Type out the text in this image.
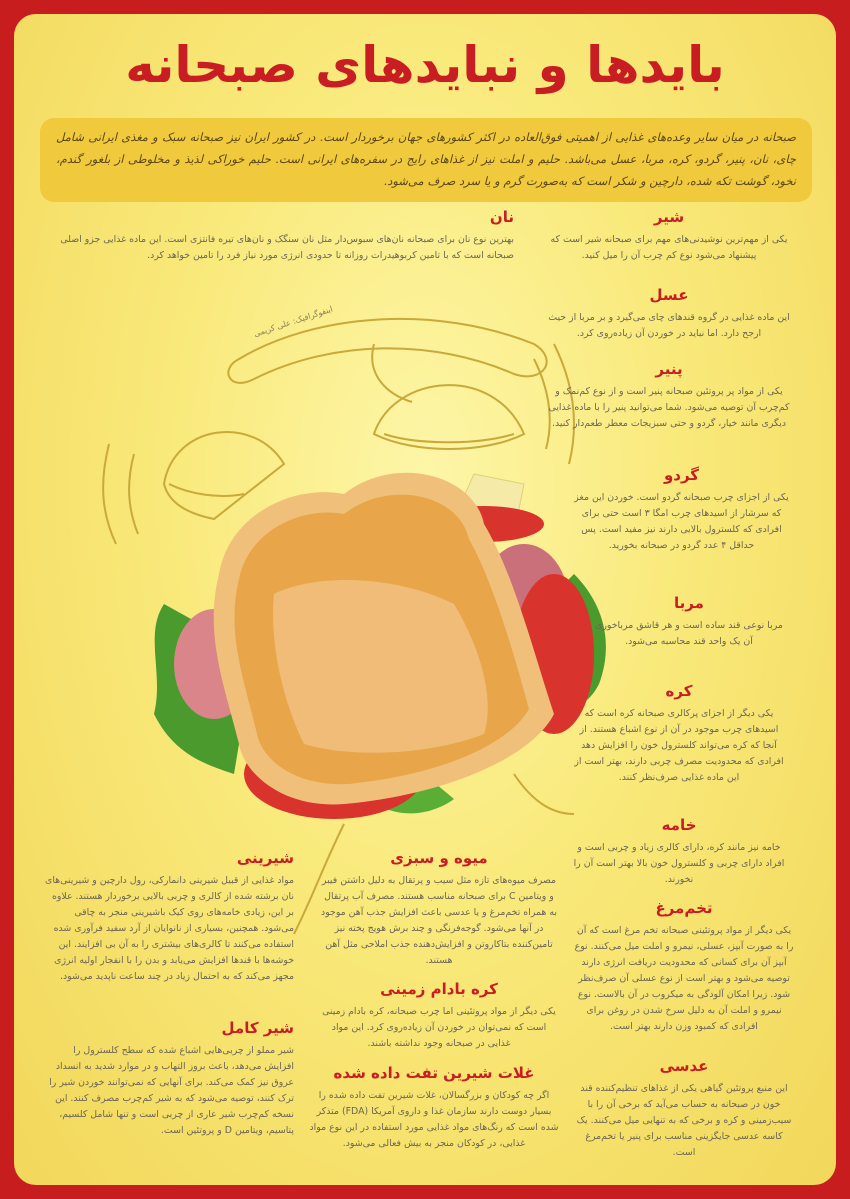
بایدها و نبایدهای صبحانه
صبحانه در میان سایر وعده‌های غذایی از اهمیتی فوق‌العاده در اکثر کشورهای جهان برخوردار است. در کشور ایران نیز صبحانه سبک و مغذی ایرانی شامل چای، نان، پنیر، گردو، کره، مربا، عسل می‌باشد. حلیم و املت نیز از غذاهای رایج در سفره‌های ایرانی است. حلیم خوراکی لذیذ و مخلوطی از بلغور گندم، نخود، گوشت تکه شده، دارچین و شکر است که به‌صورت گرم و یا سرد صرف می‌شود.
اینفوگرافیک: علی کریمی
شیر

یکی از مهم‌ترین نوشیدنی‌های مهم برای صبحانه شیر است که پیشنهاد می‌شود نوع کم چرب آن را میل کنید.

عسل

این ماده غذایی در گروه قندهای چای می‌گیرد و بر مربا از حیث ارجح دارد. اما نباید در خوردن آن زیاده‌روی کرد.

پنیر

یکی از مواد پر پروتئین صبحانه پنیر است و از نوع کم‌نمک و کم‌چرب آن توصیه می‌شود. شما می‌توانید پنیر را با ماده غذایی دیگری مانند خیار، گردو و حتی سبزیجات معطر طعم‌دار کنید.

گردو

یکی از اجزای چرب صبحانه گردو است. خوردن این مغز که سرشار از اسیدهای چرب امگا ۳ است حتی برای افرادی که کلسترول بالایی دارند نیز مفید است. پس حداقل ۴ عدد گردو در صبحانه بخورید.

مربا

مربا نوعی قند ساده است و هر قاشق مرباخوری آن یک واحد قند محاسبه می‌شود.

کره

یکی دیگر از اجزای پرکالری صبحانه کره است که اسیدهای چرب موجود در آن از نوع اشباع هستند. از آنجا که کره می‌تواند کلسترول خون را افزایش دهد افرادی که محدودیت مصرف چربی دارند، بهتر است از این ماده غذایی صرف‌نظر کنند.

خامه

خامه نیز مانند کره، دارای کالری زیاد و چربی است و افراد دارای چربی و کلسترول خون بالا بهتر است آن را نخورند.

تخم‌مرغ

یکی دیگر از مواد پروتئینی صبحانه تخم مرغ است که آن را به صورت آبپز، عسلی، نیمرو و املت میل می‌کنند. نوع آبپز آن برای کسانی که محدودیت دریافت انرژی دارند توصیه می‌شود و بهتر است از نوع عسلی آن صرف‌نظر شود. زیرا امکان آلودگی به میکروب در آن بالاست. نوع نیمرو و املت آن به دلیل سرخ شدن در روغن برای افرادی که کمبود وزن دارند بهتر است.

عدسی

این منبع پروتئین گیاهی یکی از غذاهای تنظیم‌کننده قند خون در صبحانه به حساب می‌آید که برخی آن را با سیب‌زمینی و کره و برخی که به تنهایی میل می‌کنند. یک کاسه عدسی جایگزینی مناسب برای پنیر یا تخم‌مرغ است.

نان

بهترین نوع نان برای صبحانه نان‌های سبوس‌دار مثل نان سنگک و نان‌های تیره فانتزی است. این ماده غذایی جزو اصلی صبحانه است که با تامین کربوهیدرات روزانه تا حدودی انرژی مورد نیاز فرد را تامین خواهد کرد.

میوه و سبزی

مصرف میوه‌های تازه مثل سیب و پرتقال به دلیل داشتن فیبر و ویتامین C برای صبحانه مناسب هستند. مصرف آب پرتقال به همراه تخم‌مرغ و یا عدسی باعث افزایش جذب آهن موجود در آنها می‌شود. گوجه‌فرنگی و چند برش هویج پخته نیز تامین‌کننده بتاکاروتن و افزایش‌دهنده جذب املاحی مثل آهن هستند.

کره بادام زمینی

یکی دیگر از مواد پروتئینی اما چرب صبحانه، کره بادام زمینی است که نمی‌توان در خوردن آن زیاده‌روی کرد. این مواد غذایی در صبحانه وجود نداشته باشند.

غلات شیرین تفت داده شده

اگر چه کودکان و بزرگسالان، غلات شیرین تفت داده شده را بسیار دوست دارند سازمان غذا و داروی آمریکا (FDA) متذکر شده است که رنگ‌های مواد غذایی مورد استفاده در این نوع مواد غذایی، در کودکان منجر به بیش فعالی می‌شود.

شیرینی

مواد غذایی از قبیل شیرینی دانمارکی، رول دارچین و شیرینی‌های نان برشته شده از کالری و چربی بالایی برخوردار هستند. علاوه بر این، زیادی خامه‌های روی کیک باشیرینی منجر به چاقی می‌شود. همچنین، بسیاری از نانوایان از آرد سفید فرآوری شده استفاده می‌کنند تا کالری‌های بیشتری را به آن بی افزایند. این خوشه‌ها با قندها افزایش می‌یابد و بدن را با انفجار اولیه انرژی مجهز می‌کند که به احتمال زیاد در چند ساعت ناپدید می‌شود.

شیر کامل

شیر مملو از چربی‌هایی اشباع شده که سطح کلسترول را افزایش می‌دهد، باعث بروز التهاب و در موارد شدید به انسداد عروق نیز کمک می‌کند. برای آنهایی که نمی‌توانند خوردن شیر را ترک کنند، توصیه می‌شود که به شیر کم‌چرب مصرف کنند. این نسخه کم‌چرب شیر عاری از چربی است و تنها شامل کلسیم، پتاسیم، ویتامین D و پروتئین است.
